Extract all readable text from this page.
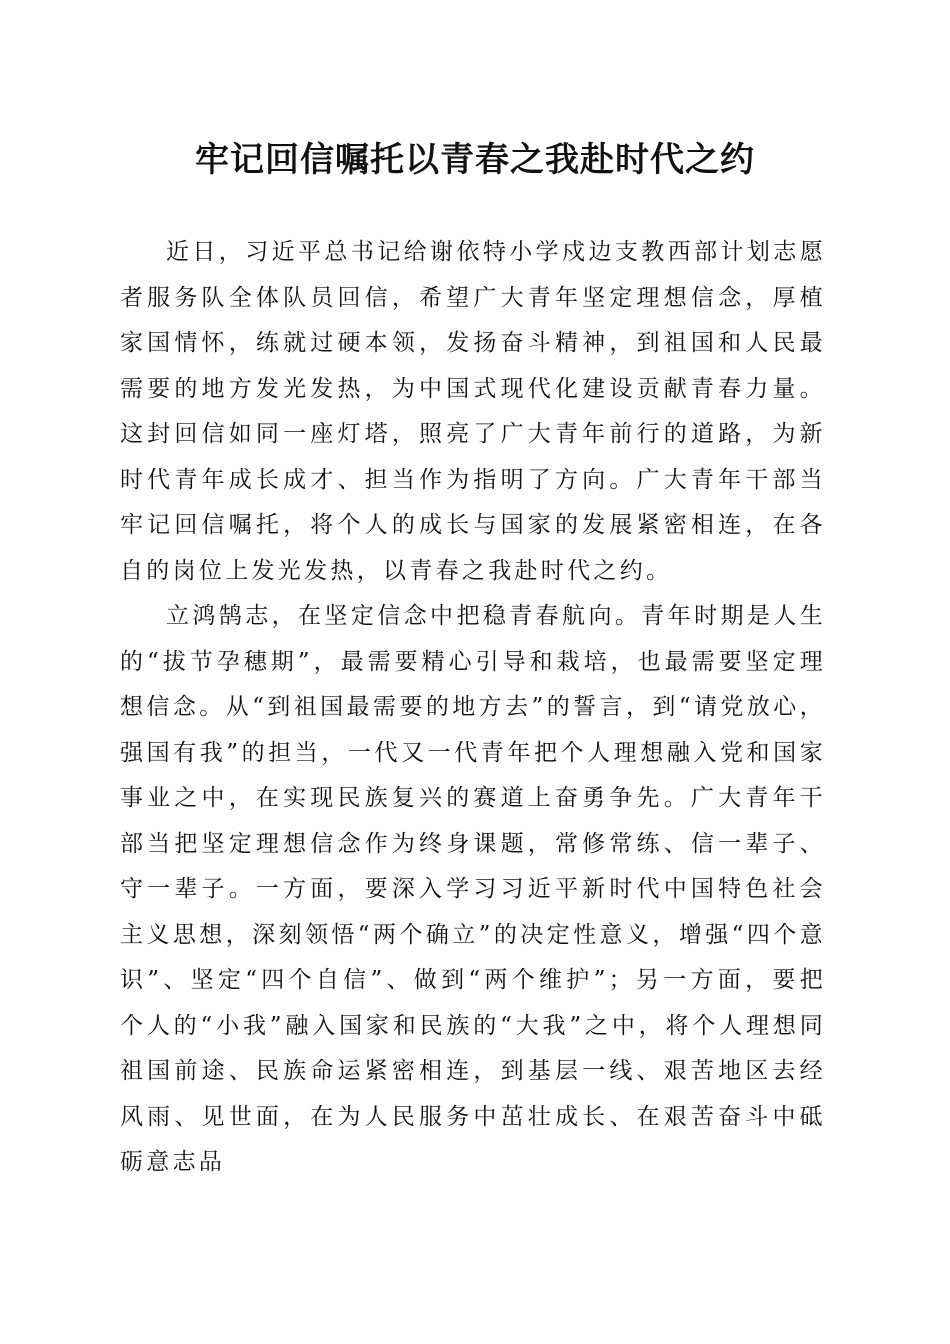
牢记回信嘱托以青春之我赴时代之约

近日，习近平总书记给谢依特小学戍边支教西部计划志愿者服务队全体队员回信，希望广大青年坚定理想信念，厚植家国情怀，练就过硬本领，发扬奋斗精神，到祖国和人民最需要的地方发光发热，为中国式现代化建设贡献青春力量。这封回信如同一座灯塔，照亮了广大青年前行的道路，为新时代青年成长成才、担当作为指明了方向。广大青年干部当牢记回信嘱托，将个人的成长与国家的发展紧密相连，在各自的岗位上发光发热，以青春之我赴时代之约。

立鸿鹄志，在坚定信念中把稳青春航向。青年时期是人生的“拔节孕穗期”，最需要精心引导和栽培，也最需要坚定理想信念。从“到祖国最需要的地方去”的誓言，到“请党放心，强国有我”的担当，一代又一代青年把个人理想融入党和国家事业之中，在实现民族复兴的赛道上奋勇争先。广大青年干部当把坚定理想信念作为终身课题，常修常练、信一辈子、守一辈子。一方面，要深入学习习近平新时代中国特色社会主义思想，深刻领悟“两个确立”的决定性意义，增强“四个意识”、坚定“四个自信”、做到“两个维护”；另一方面，要把个人的“小我”融入国家和民族的“大我”之中，将个人理想同祖国前途、民族命运紧密相连，到基层一线、艰苦地区去经风雨、见世面，在为人民服务中茁壮成长、在艰苦奋斗中砥砺意志品
